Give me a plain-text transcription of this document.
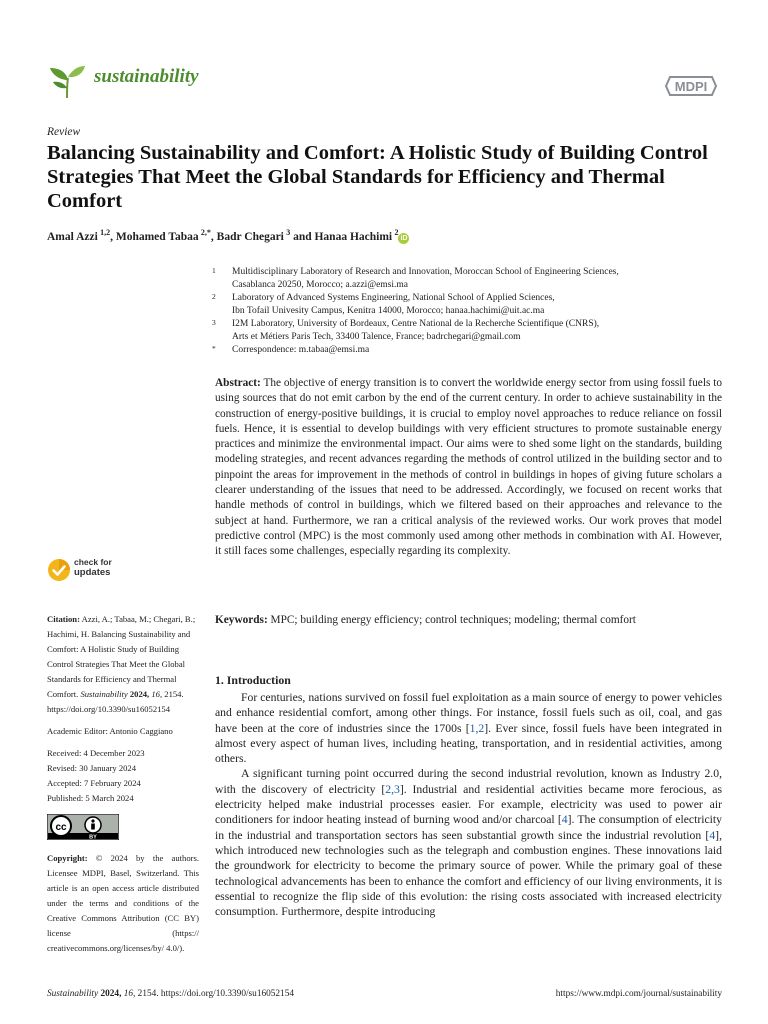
sustainability	MDPI
Review
Balancing Sustainability and Comfort: A Holistic Study of Building Control Strategies That Meet the Global Standards for Efficiency and Thermal Comfort
Amal Azzi  $^{1,2}$, Mohamed Tabaa  $^{2,*}$, Badr Chegari  $^3$ and Hanaa Hachimi  $^2$iD
1 Multidisciplinary Laboratory of Research and Innovation, Moroccan School of Engineering Sciences,
Casablanca 20250, Morocco; a.azzi@emsi.ma
2 Laboratory of Advanced Systems Engineering, National School of Applied Sciences,
Ibn Tofail Univesity Campus, Kenitra 14000, Morocco; hanaa.hachimi@uit.ac.ma
3 I2M Laboratory, University of Bordeaux, Centre National de la Recherche Scientifique (CNRS),
Arts et Métiers Paris Tech, 33400 Talence, France; badrchegari@gmail.com
* Correspondence: m.tabaa@emsi.ma
Abstract: The objective of energy transition is to convert the worldwide energy sector from using fossil fuels to using sources that do not emit carbon by the end of the current century. In order to achieve sustainability in the construction of energy-positive buildings, it is crucial to employ novel approaches to reduce reliance on fossil fuels. Hence, it is essential to develop buildings with very efficient structures to promote sustainable energy practices and minimize the environmental impact. Our aims were to shed some light on the standards, building modeling strategies, and recent advances regarding the methods of control utilized in the building sector and to pinpoint the areas for improvement in the methods of control in buildings in hopes of giving future scholars a clearer understanding of the issues that need to be addressed. Accordingly, we focused on recent works that handle methods of control in buildings, which we filtered based on their approaches and relevance to the subject at hand. Furthermore, we ran a critical analysis of the reviewed works. Our work proves that model predictive control (MPC) is the most commonly used among other methods in combination with AI. However, it still faces some challenges, especially regarding its complexity.
Keywords: MPC; building energy efficiency; control techniques; modeling; thermal comfort
check for
updates

Citation: Azzi, A.; Tabaa, M.; Chegari, B.; Hachimi, H. Balancing Sustainability and Comfort: A Holistic Study of Building Control Strategies That Meet the Global Standards for Efficiency and Thermal Comfort. Sustainability 2024, 16, 2154. https://doi.org/10.3390/su16052154

Academic Editor: Antonio Caggiano

Received: 4 December 2023

Revised: 30 January 2024

Accepted: 7 February 2024

Published: 5 March 2024

cc
BY

Copyright: © 2024 by the authors. Licensee MDPI, Basel, Switzerland. This article is an open access article distributed under the terms and conditions of the Creative Commons Attribution (CC BY) license (https:// creativecommons.org/licenses/by/ 4.0/).

1. Introduction

For centuries, nations survived on fossil fuel exploitation as a main source of energy to power vehicles and enhance residential comfort, among other things. For instance, fossil fuels such as oil, coal, and gas have been at the core of industries since the 1700s [1,2]. Ever since, fossil fuels have been integrated in almost every aspect of human lives, including heating, transportation, and in residential activities, among others.

A significant turning point occurred during the second industrial revolution, known as Industry 2.0, with the discovery of electricity [2,3]. Industrial and residential activities became more ferocious, as electricity helped make industrial processes easier. For example, electricity was used to power air conditioners for indoor heating instead of burning wood and/or charcoal [4]. The consumption of electricity in the industrial and transportation sectors has seen substantial growth since the industrial revolution [4], which introduced new technologies such as the telegraph and combustion engines. These innovations laid the groundwork for electricity to become the primary source of power. While the primary goal of these technological advancements has been to enhance the comfort and efficiency of our living environments, it is essential to recognize the flip side of this evolution: the rising costs associated with increased electricity consumption. Furthermore, despite introducing

Sustainability 2024, 16, 2154. https://doi.org/10.3390/su16052154	https://www.mdpi.com/journal/sustainability
